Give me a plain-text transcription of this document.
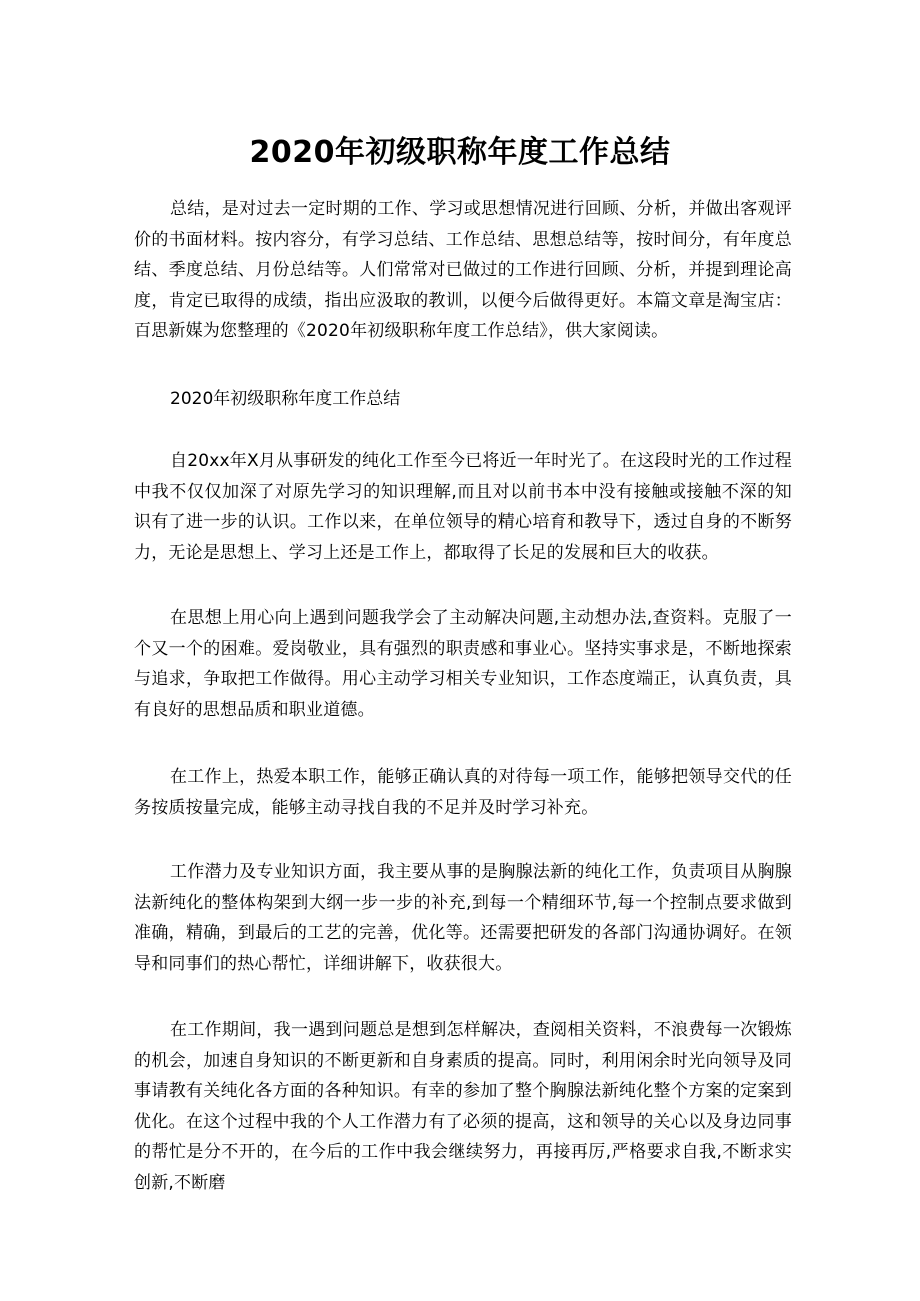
2020年初级职称年度工作总结

总结，是对过去一定时期的工作、学习或思想情况进行回顾、分析，并做出客观评价的书面材料。按内容分，有学习总结、工作总结、思想总结等，按时间分，有年度总结、季度总结、月份总结等。人们常常对已做过的工作进行回顾、分析，并提到理论高度，肯定已取得的成绩，指出应汲取的教训，以便今后做得更好。本篇文章是淘宝店：百思新媒为您整理的《2020年初级职称年度工作总结》，供大家阅读。

2020年初级职称年度工作总结

自20xx年X月从事研发的纯化工作至今已将近一年时光了。在这段时光的工作过程中我不仅仅加深了对原先学习的知识理解,而且对以前书本中没有接触或接触不深的知识有了进一步的认识。工作以来，在单位领导的精心培育和教导下，透过自身的不断努力，无论是思想上、学习上还是工作上，都取得了长足的发展和巨大的收获。

在思想上用心向上遇到问题我学会了主动解决问题,主动想办法,查资料。克服了一个又一个的困难。爱岗敬业，具有强烈的职责感和事业心。坚持实事求是，不断地探索与追求，争取把工作做得。用心主动学习相关专业知识，工作态度端正，认真负责，具有良好的思想品质和职业道德。

在工作上，热爱本职工作，能够正确认真的对待每一项工作，能够把领导交代的任务按质按量完成，能够主动寻找自我的不足并及时学习补充。

工作潜力及专业知识方面，我主要从事的是胸腺法新的纯化工作，负责项目从胸腺法新纯化的整体构架到大纲一步一步的补充,到每一个精细环节,每一个控制点要求做到准确，精确，到最后的工艺的完善，优化等。还需要把研发的各部门沟通协调好。在领导和同事们的热心帮忙，详细讲解下，收获很大。

在工作期间，我一遇到问题总是想到怎样解决，查阅相关资料，不浪费每一次锻炼的机会，加速自身知识的不断更新和自身素质的提高。同时，利用闲余时光向领导及同事请教有关纯化各方面的各种知识。有幸的参加了整个胸腺法新纯化整个方案的定案到优化。在这个过程中我的个人工作潜力有了必须的提高，这和领导的关心以及身边同事的帮忙是分不开的，在今后的工作中我会继续努力，再接再厉,严格要求自我,不断求实创新,不断磨
